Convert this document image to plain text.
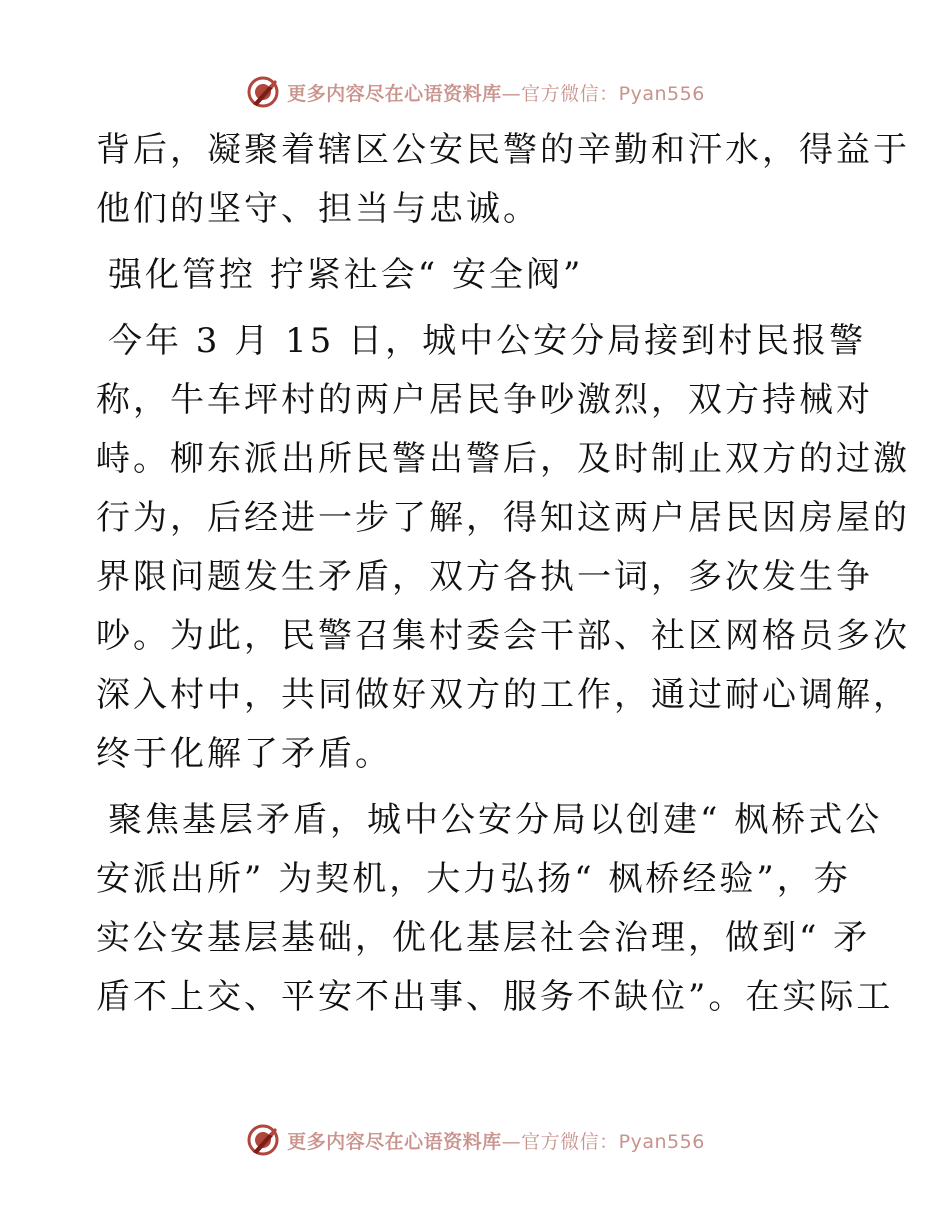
更多内容尽在心语资料库—官方微信：Pyan556
背后，凝聚着辖区公安民警的辛勤和汗水，得益于
他们的坚守、担当与忠诚。
强化管控 拧紧社会“ 安全阀”
今年 3 月 15 日，城中公安分局接到村民报警
称，牛车坪村的两户居民争吵激烈，双方持械对
峙。柳东派出所民警出警后，及时制止双方的过激
行为，后经进一步了解，得知这两户居民因房屋的
界限问题发生矛盾，双方各执一词，多次发生争
吵。为此，民警召集村委会干部、社区网格员多次
深入村中，共同做好双方的工作，通过耐心调解，
终于化解了矛盾。
聚焦基层矛盾，城中公安分局以创建“ 枫桥式公
安派出所” 为契机，大力弘扬“ 枫桥经验”，夯
实公安基层基础，优化基层社会治理，做到“ 矛
盾不上交、平安不出事、服务不缺位”。在实际工
更多内容尽在心语资料库—官方微信：Pyan556
